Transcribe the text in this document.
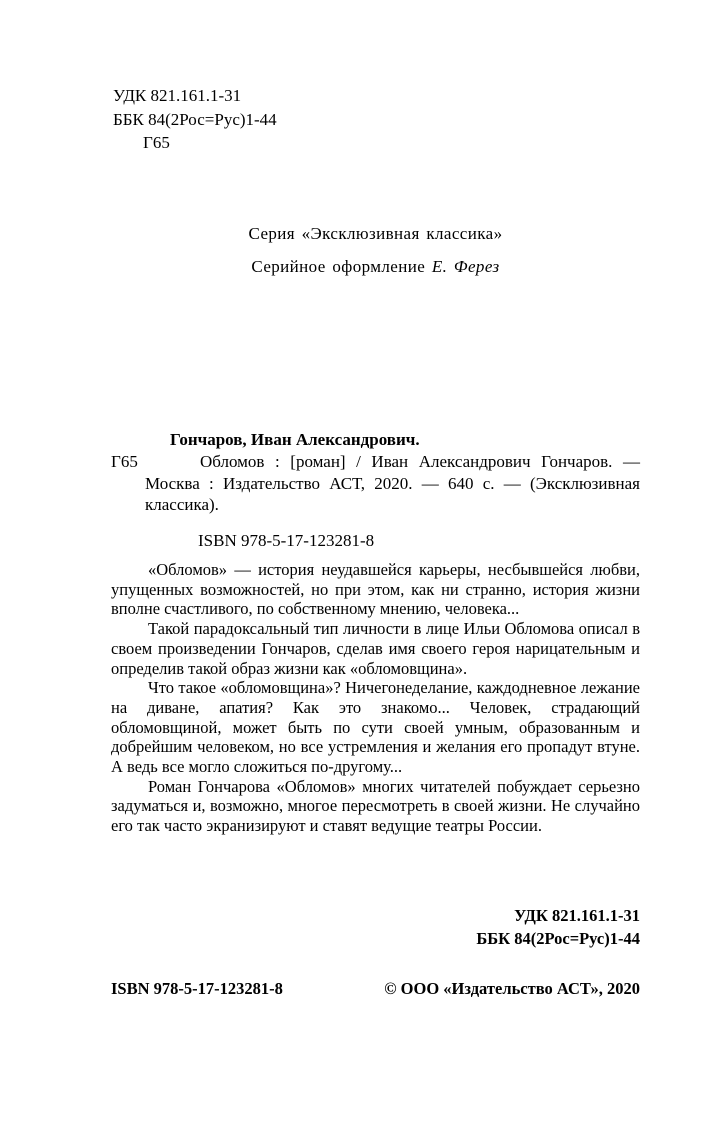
УДК 821.161.1-31
ББК 84(2Рос=Рус)1-44
Г65
Серия «Эксклюзивная классика»
Серийное оформление Е. Ферез
Гончаров, Иван Александрович.
Г65	Обломов : [роман] / Иван Александрович Гончаров. — Москва : Издательство АСТ, 2020. — 640 с. — (Эксклюзивная классика).
ISBN 978-5-17-123281-8

«Обломов» — история неудавшейся карьеры, несбывшейся любви, упущенных возможностей, но при этом, как ни странно, история жизни вполне счастливого, по собственному мнению, человека...

Такой парадоксальный тип личности в лице Ильи Обломова описал в своем произведении Гончаров, сделав имя своего героя нарицательным и определив такой образ жизни как «обломовщина».

Что такое «обломовщина»? Ничегонеделание, каждодневное лежание на диване, апатия? Как это знакомо... Человек, страдающий обломовщиной, может быть по сути своей умным, образованным и добрейшим человеком, но все устремления и желания его пропадут втуне. А ведь все могло сложиться по-другому...

Роман Гончарова «Обломов» многих читателей побуждает серьезно задуматься и, возможно, многое пересмотреть в своей жизни. Не случайно его так часто экранизируют и ставят ведущие театры России.

УДК 821.161.1-31
ББК 84(2Рос=Рус)1-44
ISBN 978-5-17-123281-8	© ООО «Издательство АСТ», 2020
